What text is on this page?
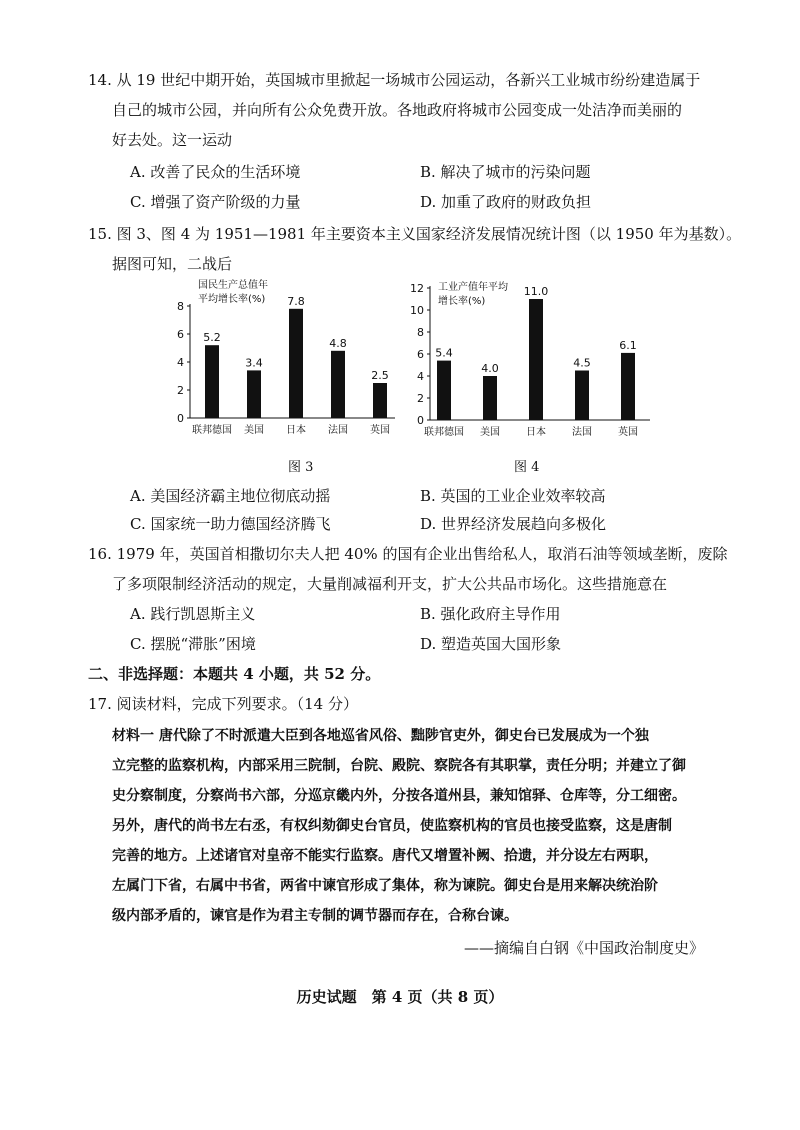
14. 从 19 世纪中期开始，英国城市里掀起一场城市公园运动，各新兴工业城市纷纷建造属于
自己的城市公园，并向所有公众免费开放。各地政府将城市公园变成一处洁净而美丽的
好去处。这一运动
A. 改善了民众的生活环境	B. 解决了城市的污染问题
C. 增强了资产阶级的力量	D. 加重了政府的财政负担
15. 图 3、图 4 为 1951—1981 年主要资本主义国家经济发展情况统计图（以 1950 年为基数）。
据图可知，二战后
0
2
4
6
8
国民生产总值年
平均增长率(%)
5.2
联邦德国
3.4
美国
7.8
日本
4.8
法国
2.5
英国
图 3
0
2
4
6
8
10
12 工业产值年平均
增长率(%)
5.4
联邦德国
4.0
美国
11.0
日本
4.5
法国
6.1
英国
图 4
A. 美国经济霸主地位彻底动摇	B. 英国的工业企业效率较高
C. 国家统一助力德国经济腾飞	D. 世界经济发展趋向多极化
16. 1979 年，英国首相撒切尔夫人把 40% 的国有企业出售给私人，取消石油等领域垄断，废除
了多项限制经济活动的规定，大量削减福利开支，扩大公共品市场化。这些措施意在
A. 践行凯恩斯主义	B. 强化政府主导作用
C. 摆脱“滞胀”困境	D. 塑造英国大国形象
二、非选择题：本题共 4 小题，共 52 分。
17. 阅读材料，完成下列要求。（14 分）
材料一 唐代除了不时派遣大臣到各地巡省风俗、黜陟官吏外，御史台已发展成为一个独
立完整的监察机构，内部采用三院制，台院、殿院、察院各有其职掌，责任分明；并建立了御
史分察制度，分察尚书六部，分巡京畿内外，分按各道州县，兼知馆驿、仓库等，分工细密。
另外，唐代的尚书左右丞，有权纠劾御史台官员，使监察机构的官员也接受监察，这是唐制
完善的地方。上述诸官对皇帝不能实行监察。唐代又增置补阙、拾遗，并分设左右两职，
左属门下省，右属中书省，两省中谏官形成了集体，称为谏院。御史台是用来解决统治阶
级内部矛盾的，谏官是作为君主专制的调节器而存在，合称台谏。
——摘编自白钢《中国政治制度史》
历史试题　第 4 页（共 8 页）
